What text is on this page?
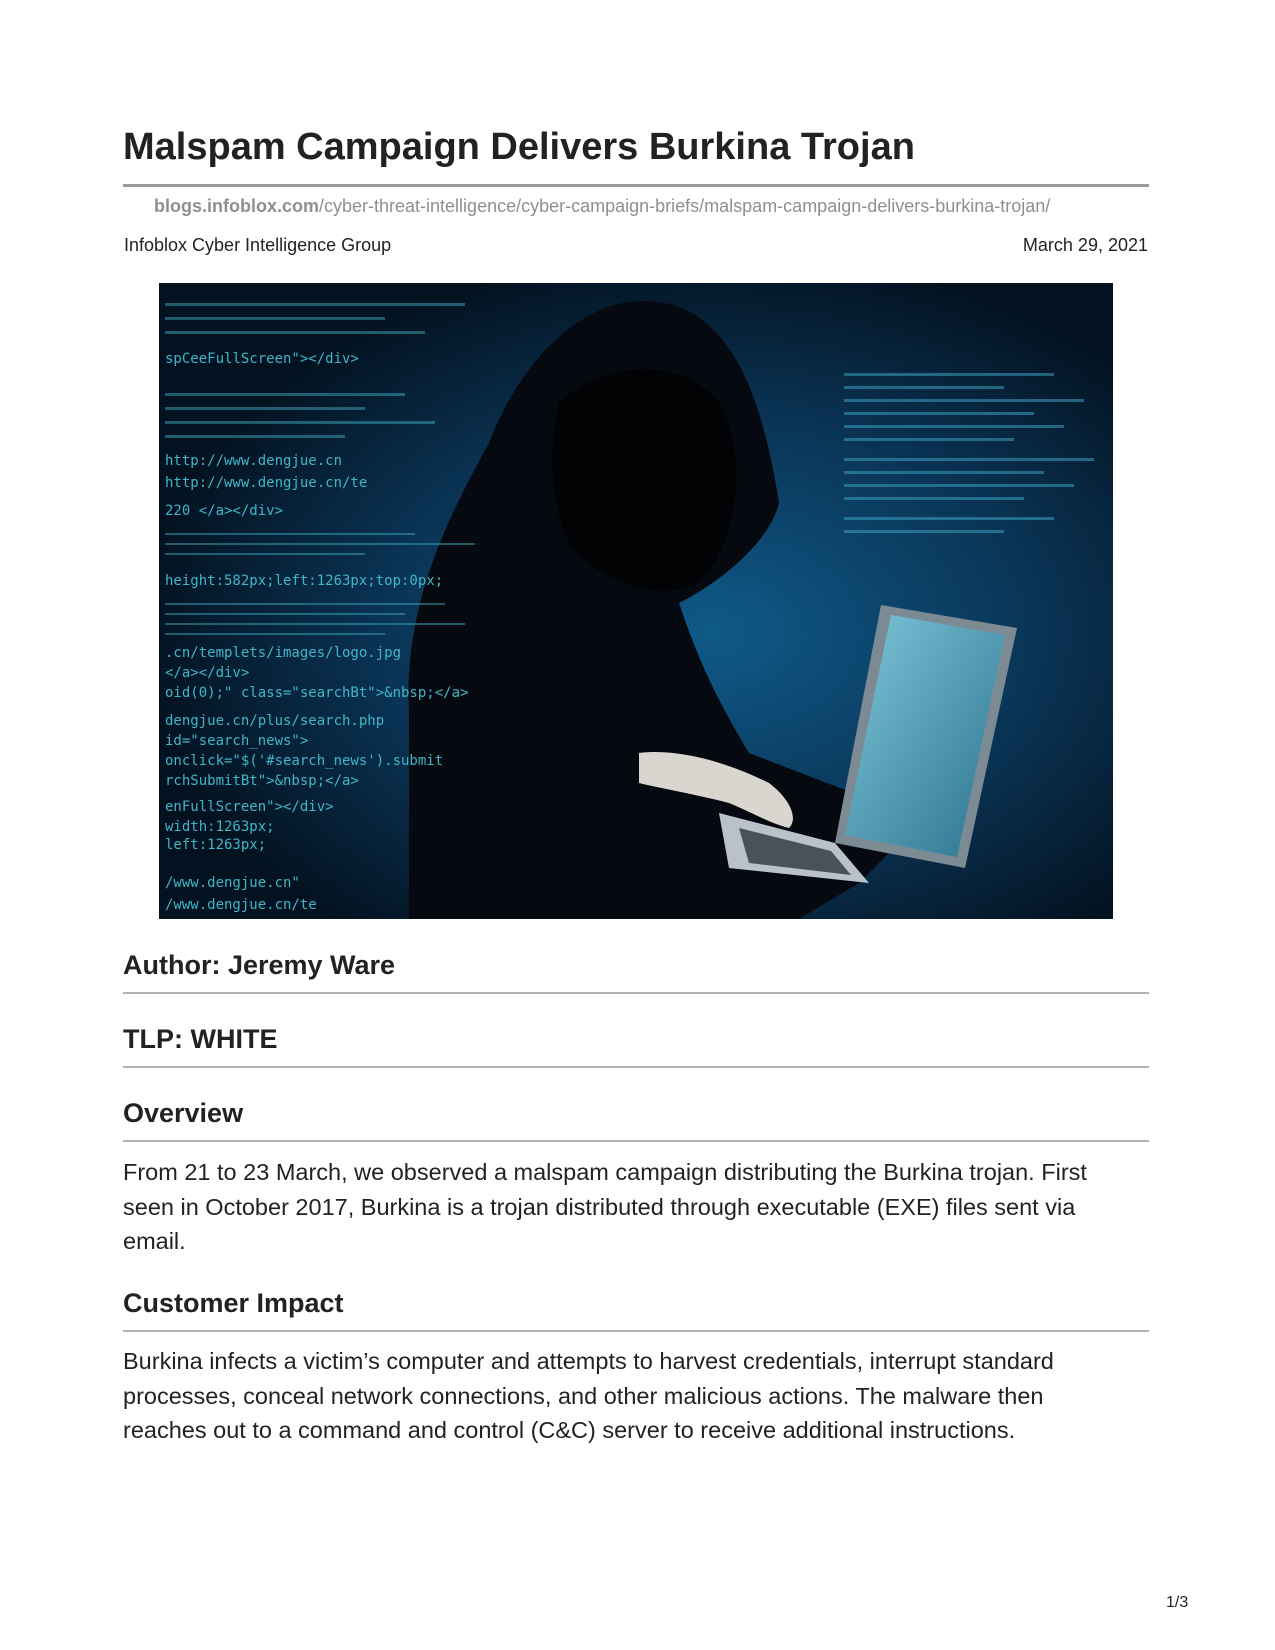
Malspam Campaign Delivers Burkina Trojan
blogs.infoblox.com/cyber-threat-intelligence/cyber-campaign-briefs/malspam-campaign-delivers-burkina-trojan/
Infoblox Cyber Intelligence Group	March 29, 2021
spCeeFullScreen"></div>
http://www.dengjue.cn
http://www.dengjue.cn/te
220 </a></div>
height:582px;left:1263px;top:0px;
.cn/templets/images/logo.jpg
</a></div>
oid(0);" class="searchBt">&nbsp;</a>
dengjue.cn/plus/search.php
id="search_news">
onclick="$('#search_news').submit
rchSubmitBt">&nbsp;</a>
enFullScreen"></div>
width:1263px;
left:1263px;
/www.dengjue.cn"
/www.dengjue.cn/te
Author: Jeremy Ware
TLP: WHITE
Overview

From 21 to 23 March, we observed a malspam campaign distributing the Burkina trojan. First
seen in October 2017, Burkina is a trojan distributed through executable (EXE) files sent via
email.

Customer Impact

Burkina infects a victim’s computer and attempts to harvest credentials, interrupt standard
processes, conceal network connections, and other malicious actions. The malware then
reaches out to a command and control (C&C) server to receive additional instructions.

1/3
